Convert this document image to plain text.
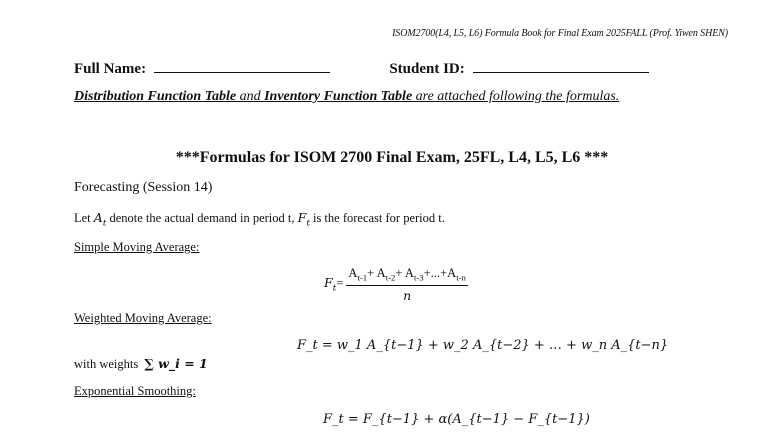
ISOM2700(L4, L5, L6) Formula Book for Final Exam 2025FALL (Prof. Yiwen SHEN)
Full Name:	Student ID:
Distribution Function Table and Inventory Function Table are attached following the formulas.
***Formulas for ISOM 2700 Final Exam, 25FL, L4, L5, L6 ***
Forecasting (Session 14)
Let $A_t$ denote the actual demand in period t, $F_t$ is the forecast for period t.
Simple Moving Average:
$F_t= \frac{A_{t-1}+ A_{t-2}+ A_{t-3}+...+A_{t-n}}{n}$
Weighted Moving Average:
F_t = w_1 A_{t−1} + w_2 A_{t−2} + … + w_n A_{t−n}
with weights ∑ w_i = 1
Exponential Smoothing:
F_t = F_{t−1} + α(A_{t−1} − F_{t−1})
